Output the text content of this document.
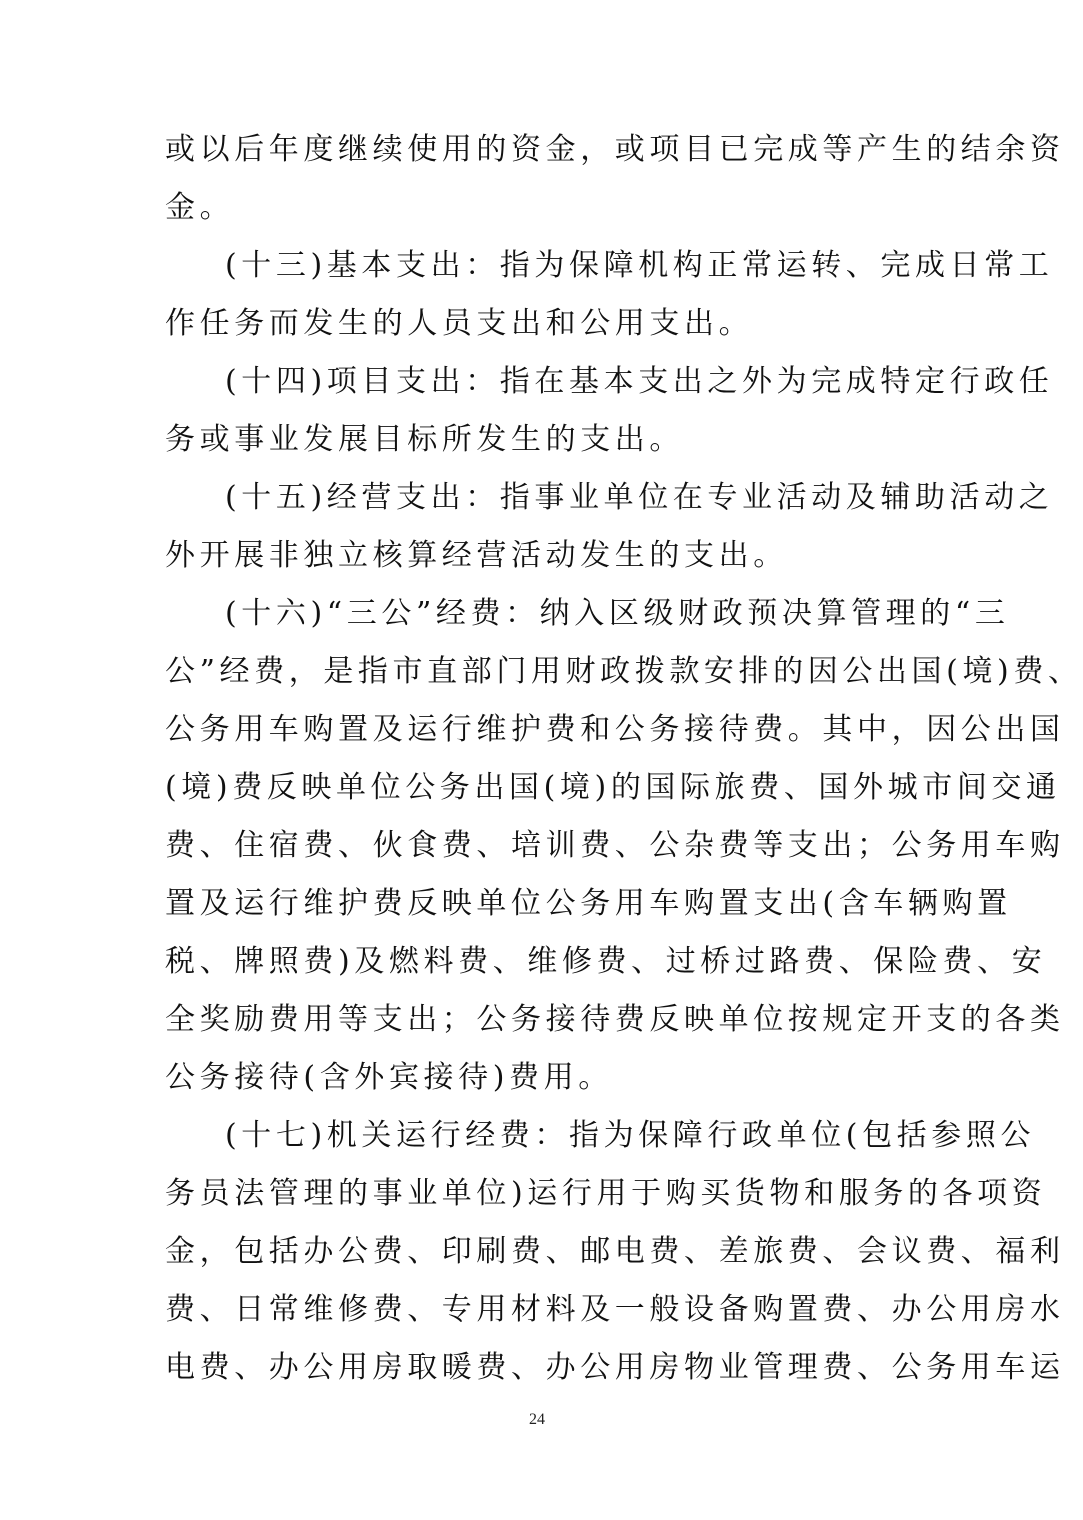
或以后年度继续使用的资金，或项目已完成等产生的结余资
金。
(十三)基本支出：指为保障机构正常运转、完成日常工
作任务而发生的人员支出和公用支出。
(十四)项目支出：指在基本支出之外为完成特定行政任
务或事业发展目标所发生的支出。
(十五)经营支出：指事业单位在专业活动及辅助活动之
外开展非独立核算经营活动发生的支出。
(十六)“三公”经费：纳入区级财政预决算管理的“三
公”经费，是指市直部门用财政拨款安排的因公出国(境)费、
公务用车购置及运行维护费和公务接待费。其中，因公出国
(境)费反映单位公务出国(境)的国际旅费、国外城市间交通
费、住宿费、伙食费、培训费、公杂费等支出；公务用车购
置及运行维护费反映单位公务用车购置支出(含车辆购置
税、牌照费)及燃料费、维修费、过桥过路费、保险费、安
全奖励费用等支出；公务接待费反映单位按规定开支的各类
公务接待(含外宾接待)费用。
(十七)机关运行经费：指为保障行政单位(包括参照公
务员法管理的事业单位)运行用于购买货物和服务的各项资
金，包括办公费、印刷费、邮电费、差旅费、会议费、福利
费、日常维修费、专用材料及一般设备购置费、办公用房水
电费、办公用房取暖费、办公用房物业管理费、公务用车运
24
